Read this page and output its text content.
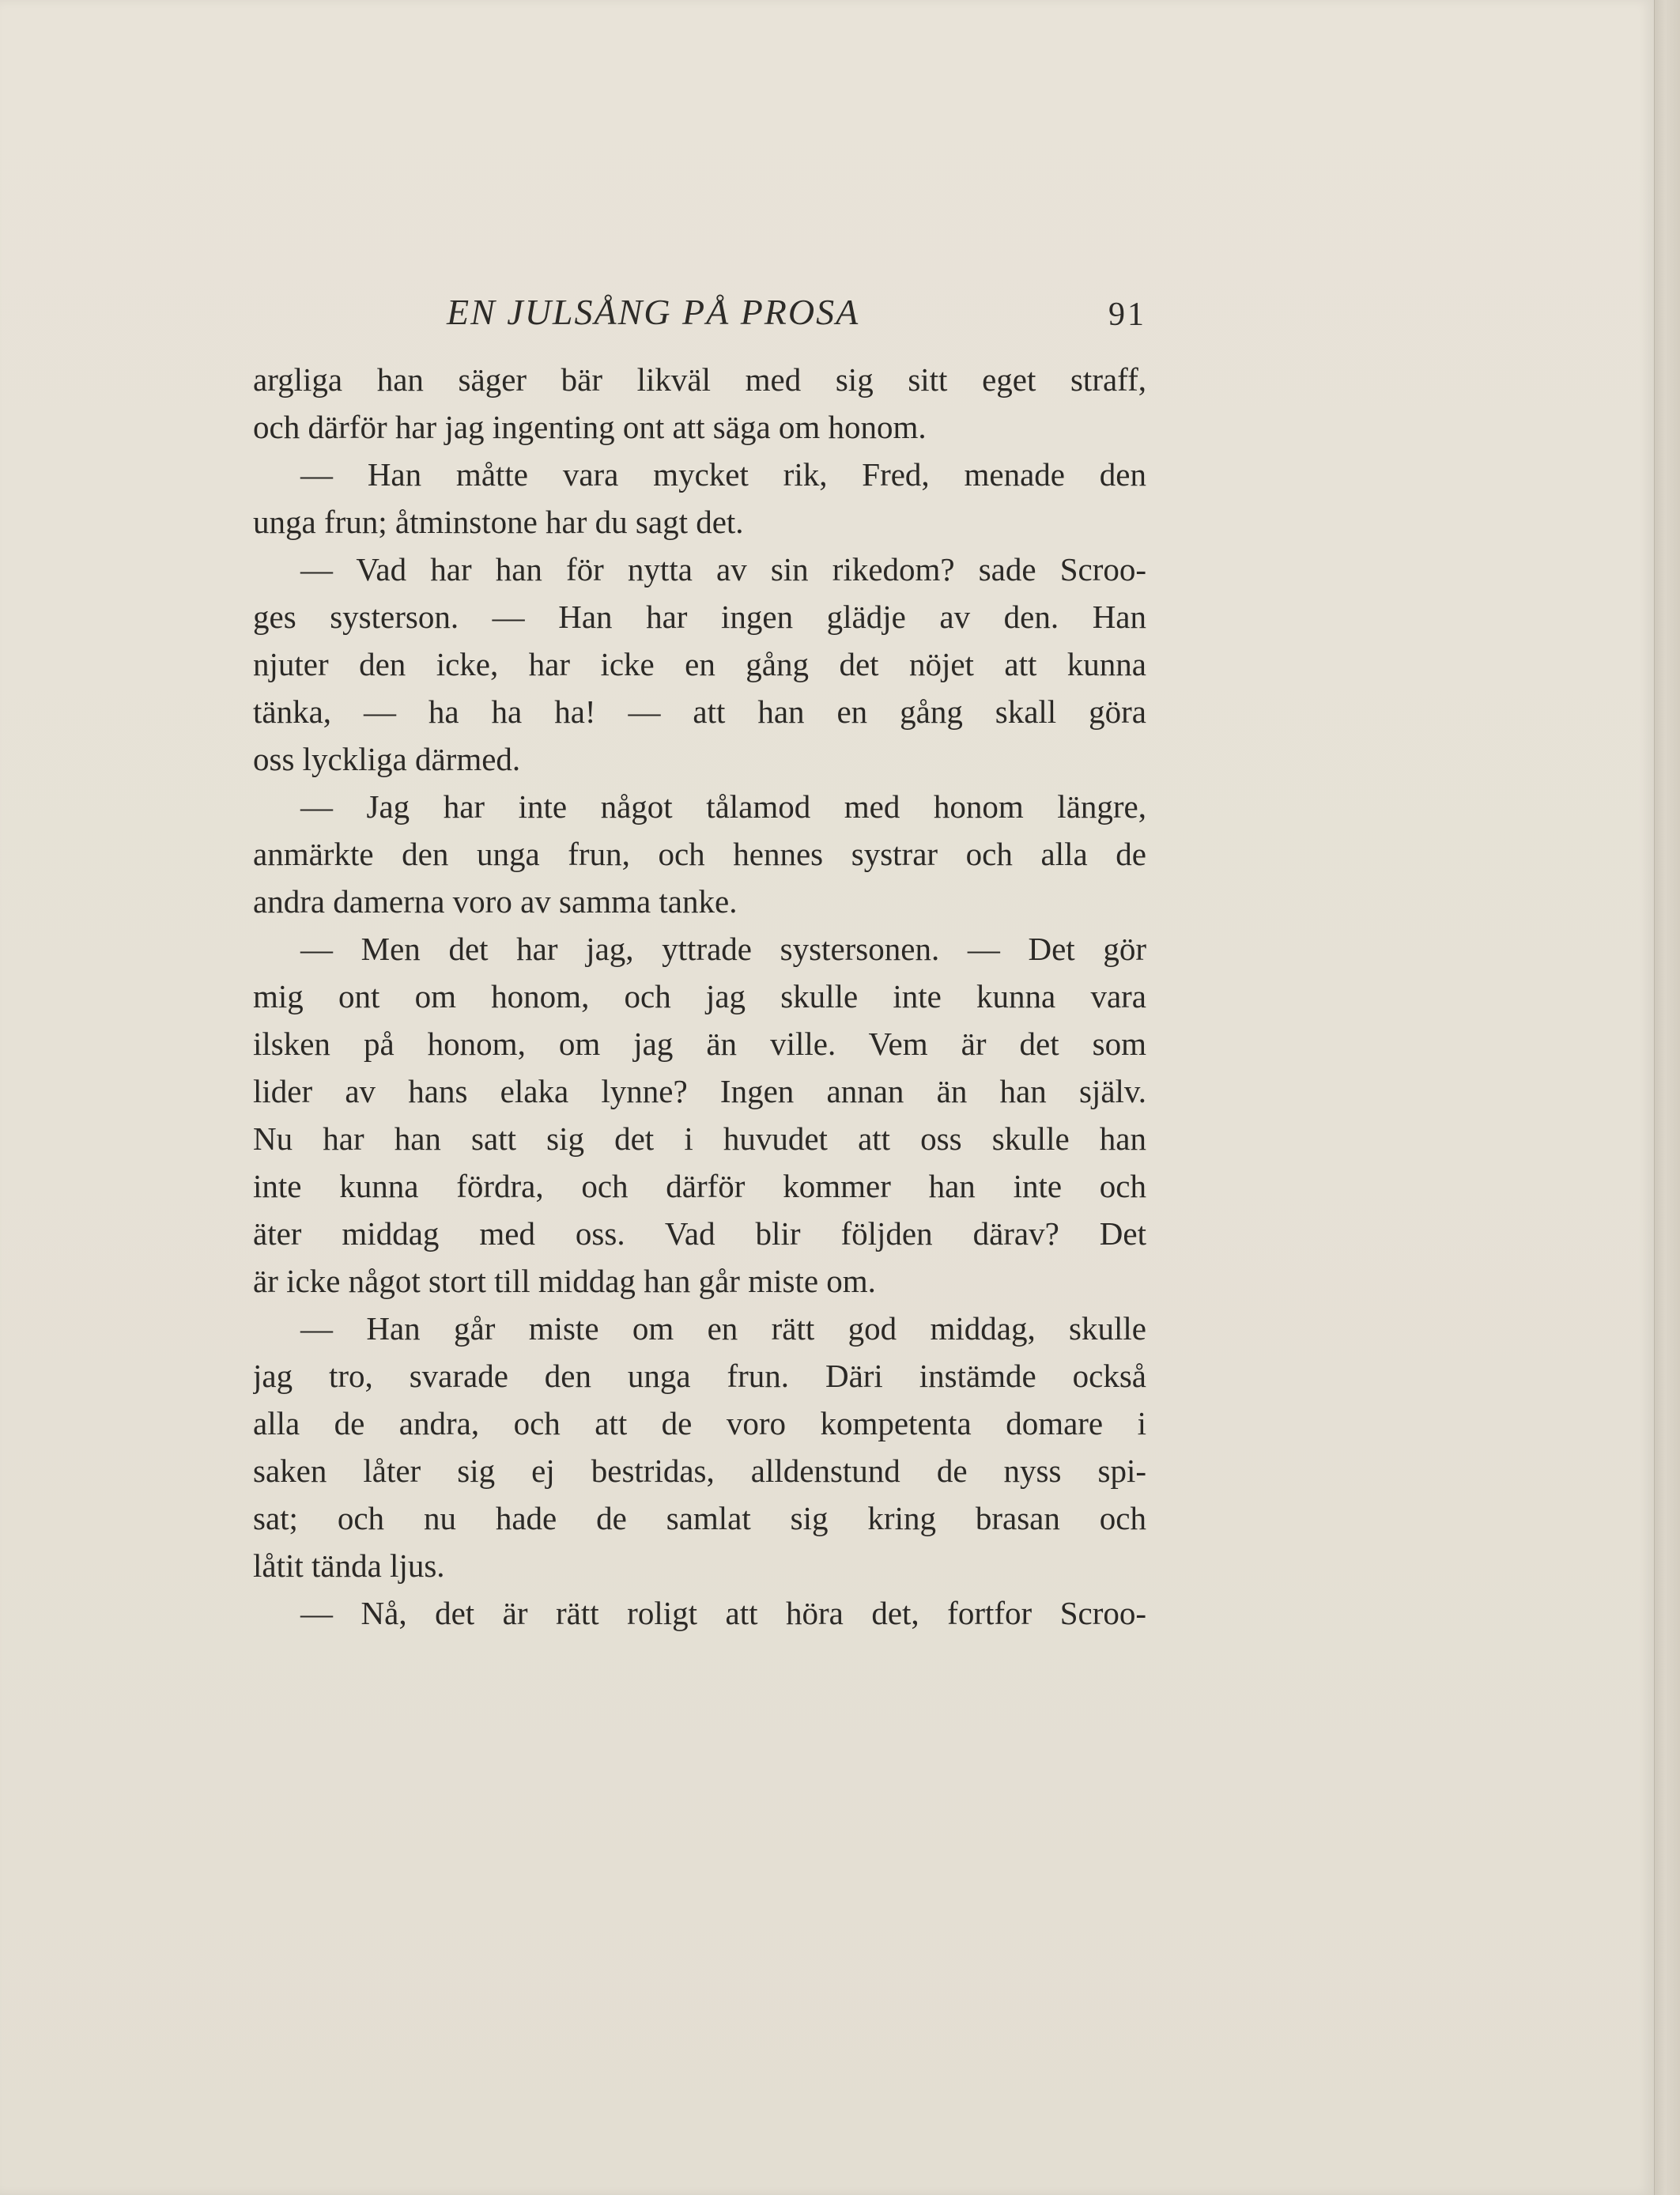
EN JULSÅNG PÅ PROSA	91
argliga han säger bär likväl med sig sitt eget straff,
och därför har jag ingenting ont att säga om honom.
— Han måtte vara mycket rik, Fred, menade den
unga frun; åtminstone har du sagt det.
— Vad har han för nytta av sin rikedom? sade Scroo-
ges systerson. — Han har ingen glädje av den. Han
njuter den icke, har icke en gång det nöjet att kunna
tänka, — ha ha ha! — att han en gång skall göra
oss lyckliga därmed.
— Jag har inte något tålamod med honom längre,
anmärkte den unga frun, och hennes systrar och alla de
andra damerna voro av samma tanke.
— Men det har jag, yttrade systersonen. — Det gör
mig ont om honom, och jag skulle inte kunna vara
ilsken på honom, om jag än ville. Vem är det som
lider av hans elaka lynne? Ingen annan än han själv.
Nu har han satt sig det i huvudet att oss skulle han
inte kunna fördra, och därför kommer han inte och
äter middag med oss. Vad blir följden därav? Det
är icke något stort till middag han går miste om.
— Han går miste om en rätt god middag, skulle
jag tro, svarade den unga frun. Däri instämde också
alla de andra, och att de voro kompetenta domare i
saken låter sig ej bestridas, alldenstund de nyss spi-
sat; och nu hade de samlat sig kring brasan och
låtit tända ljus.
— Nå, det är rätt roligt att höra det, fortfor Scroo-
